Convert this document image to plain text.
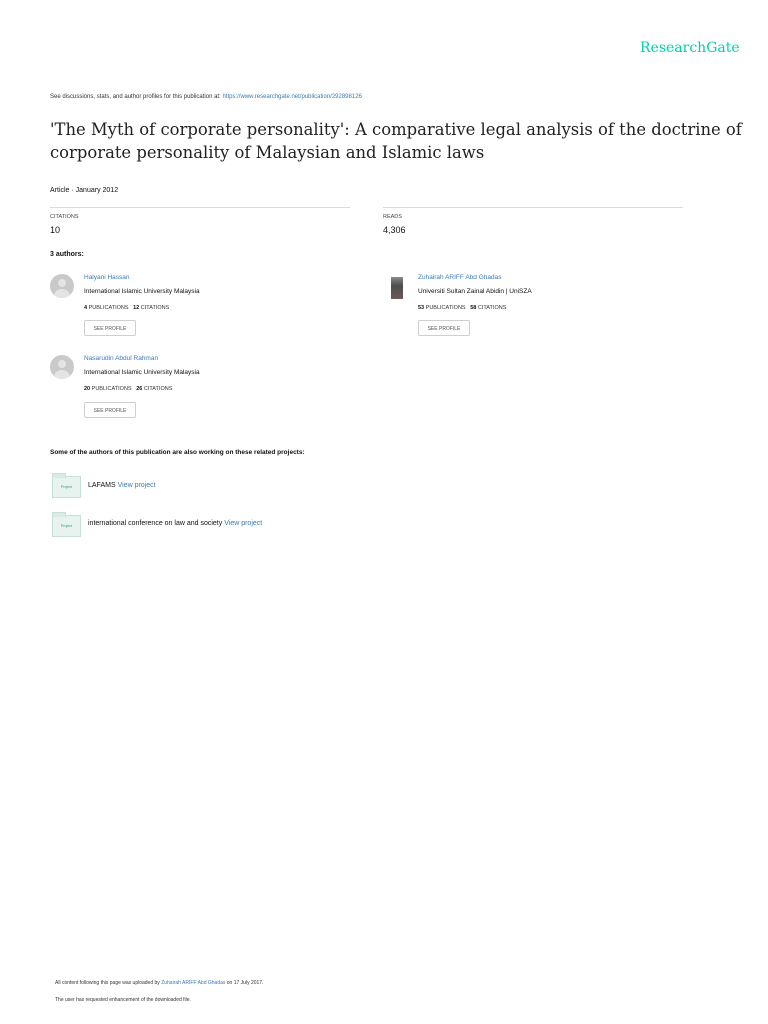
ResearchGate
See discussions, stats, and author profiles for this publication at: https://www.researchgate.net/publication/292898126
'The Myth of corporate personality': A comparative legal analysis of the doctrine of corporate personality of Malaysian and Islamic laws
Article · January 2012
CITATIONS
10
READS
4,306
3 authors:
Halyani Hassan
International Islamic University Malaysia
4 PUBLICATIONS 12 CITATIONS
SEE PROFILE
Zuhairah ARIFF Abd Ghadas
Universiti Sultan Zainal Abidin | UniSZA
53 PUBLICATIONS 58 CITATIONS
SEE PROFILE
Nasarudin Abdul Rahman
International Islamic University Malaysia
20 PUBLICATIONS 26 CITATIONS
SEE PROFILE
Some of the authors of this publication are also working on these related projects:
Project	LAFAMS View project
Project	international conference on law and society View project
All content following this page was uploaded by Zuhairah ARIFF Abd Ghadas on 17 July 2017.
The user has requested enhancement of the downloaded file.
